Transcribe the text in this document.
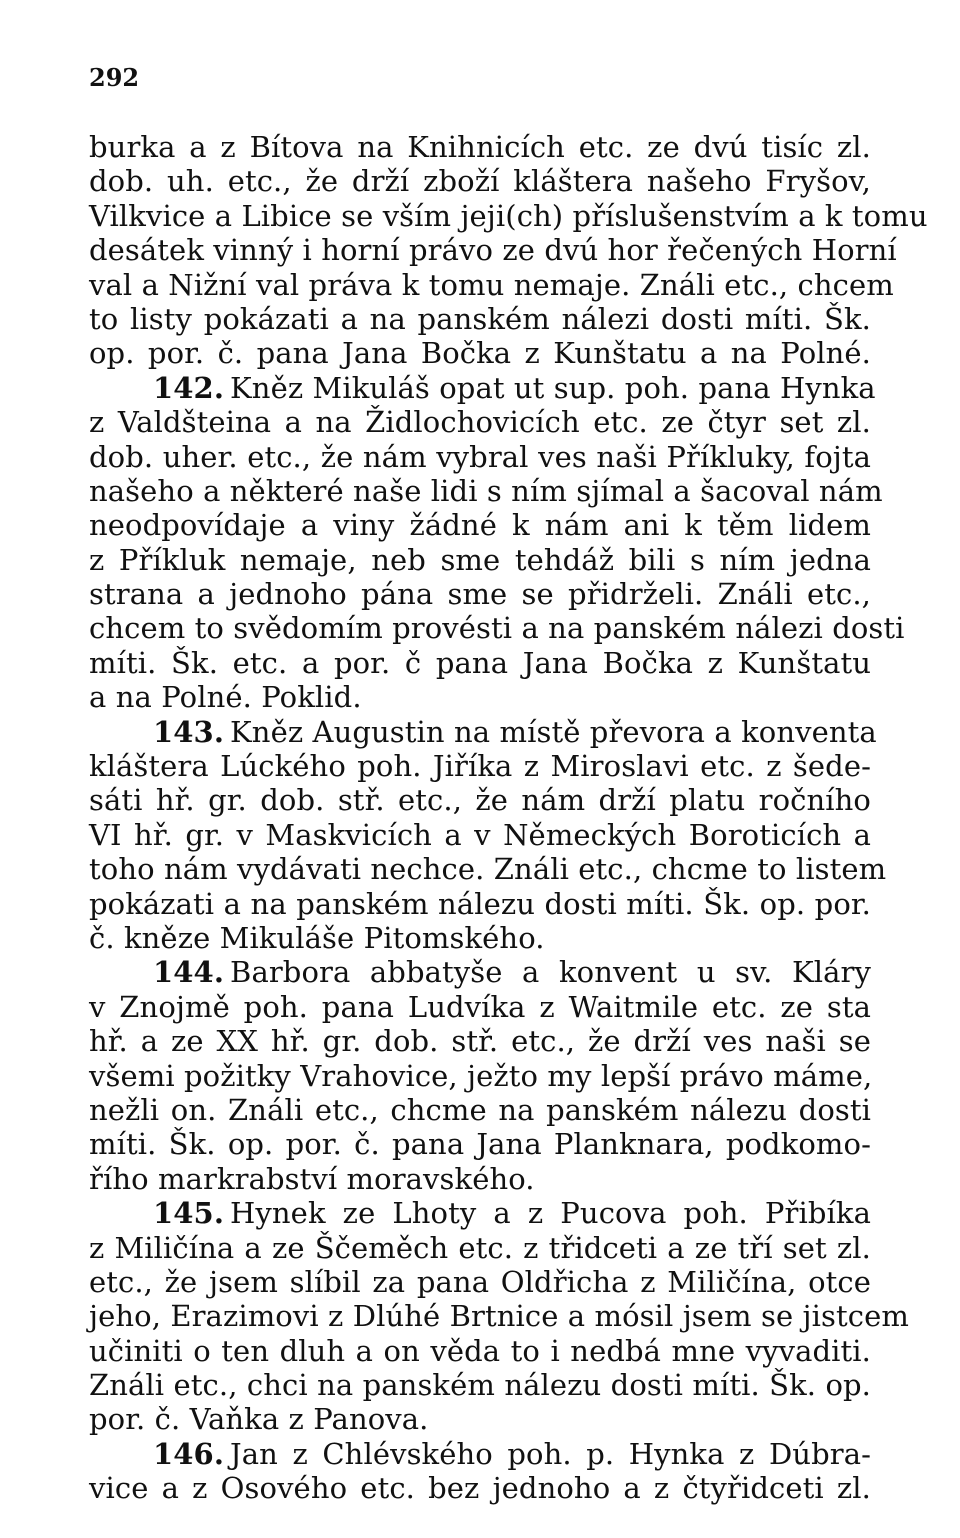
292
burka a z Bítova na Knihnicích etc. ze dvú tisíc zl.
dob. uh. etc., že drží zboží kláštera našeho Fryšov,
Vilkvice a Libice se vším jeji(ch) příslušenstvím a k tomu
desátek vinný i horní právo ze dvú hor řečených Horní
val a Nižní val práva k tomu nemaje. Ználi etc., chcem
to listy pokázati a na panském nálezi dosti míti. Šk.
op. por. č. pana Jana Bočka z Kunštatu a na Polné.
142. Kněz Mikuláš opat ut sup. poh. pana Hynka
z Valdšteina a na Židlochovicích etc. ze čtyr set zl.
dob. uher. etc., že nám vybral ves naši Příkluky, fojta
našeho a některé naše lidi s ním sjímal a šacoval nám
neodpovídaje a viny žádné k nám ani k těm lidem
z Příkluk nemaje, neb sme tehdáž bili s ním jedna
strana a jednoho pána sme se přidrželi. Ználi etc.,
chcem to svědomím provésti a na panském nálezi dosti
míti. Šk. etc. a por. č pana Jana Bočka z Kunštatu
a na Polné. Poklid.
143. Kněz Augustin na místě převora a konventa
kláštera Lúckého poh. Jiříka z Miroslavi etc. z šede-
sáti hř. gr. dob. stř. etc., že nám drží platu ročního
VI hř. gr. v Maskvicích a v Německých Boroticích a
toho nám vydávati nechce. Ználi etc., chcme to listem
pokázati a na panském nálezu dosti míti. Šk. op. por.
č. kněze Mikuláše Pitomského.
144. Barbora abbatyše a konvent u sv. Kláry
v Znojmě poh. pana Ludvíka z Waitmile etc. ze sta
hř. a ze XX hř. gr. dob. stř. etc., že drží ves naši se
všemi požitky Vrahovice, ježto my lepší právo máme,
nežli on. Ználi etc., chcme na panském nálezu dosti
míti. Šk. op. por. č. pana Jana Planknara, podkomo-
řího markrabství moravského.
145. Hynek ze Lhoty a z Pucova poh. Přibíka
z Miličína a ze Ščeměch etc. z třidceti a ze tří set zl.
etc., že jsem slíbil za pana Oldřicha z Miličína, otce
jeho, Erazimovi z Dlúhé Brtnice a mósil jsem se jistcem
učiniti o ten dluh a on věda to i nedbá mne vyvaditi.
Ználi etc., chci na panském nálezu dosti míti. Šk. op.
por. č. Vaňka z Panova.
146. Jan z Chlévského poh. p. Hynka z Dúbra-
vice a z Osového etc. bez jednoho a z čtyřidceti zl.
